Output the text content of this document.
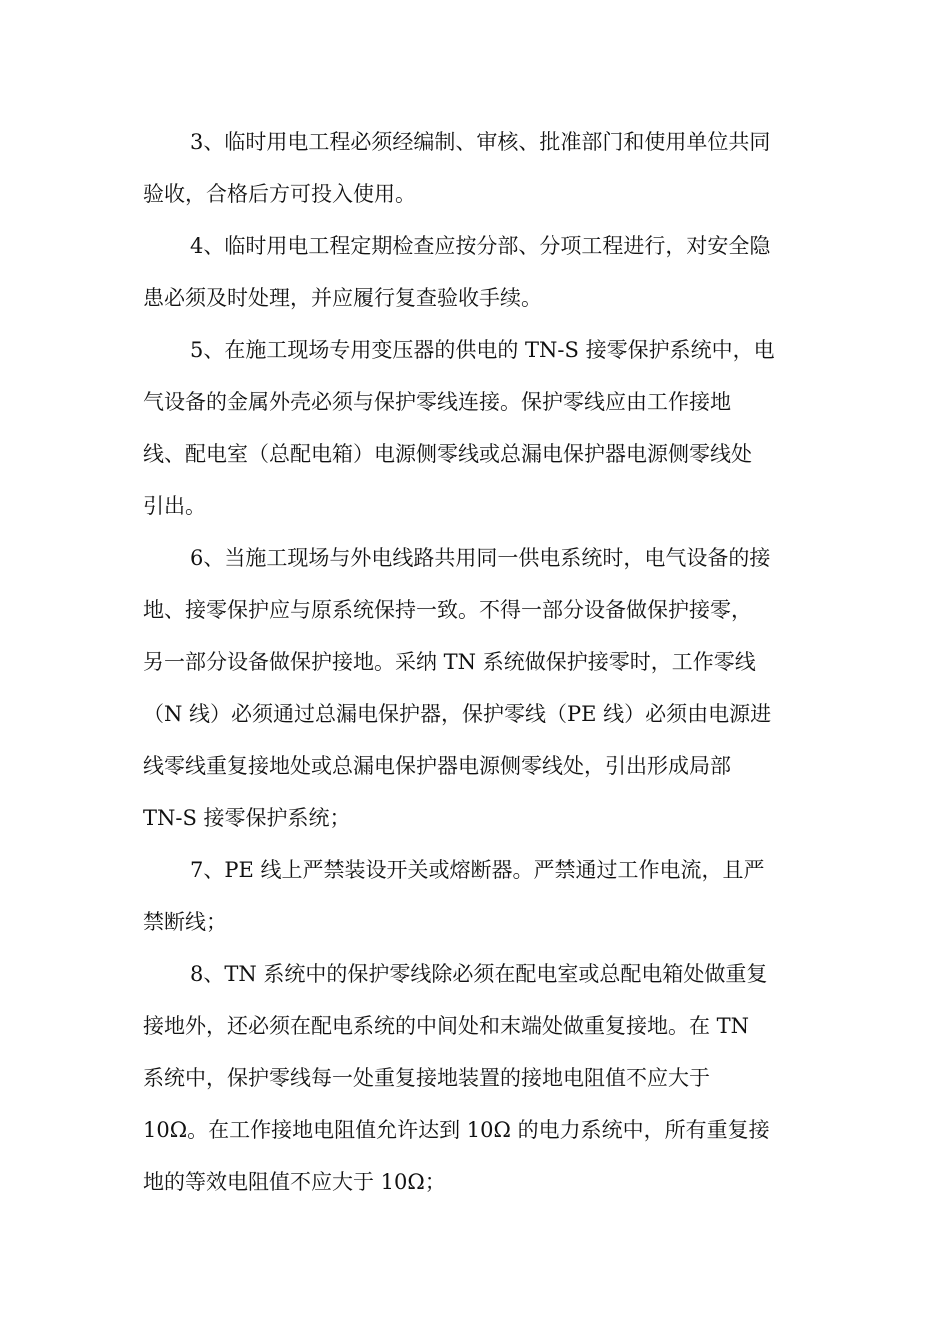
3、临时用电工程必须经编制、审核、批准部门和使用单位共同
验收，合格后方可投入使用。
4、临时用电工程定期检查应按分部、分项工程进行，对安全隐
患必须及时处理，并应履行复查验收手续。
5、在施工现场专用变压器的供电的 TN-S 接零保护系统中，电
气设备的金属外壳必须与保护零线连接。保护零线应由工作接地
线、配电室（总配电箱）电源侧零线或总漏电保护器电源侧零线处
引出。
6、当施工现场与外电线路共用同一供电系统时，电气设备的接
地、接零保护应与原系统保持一致。不得一部分设备做保护接零，
另一部分设备做保护接地。采纳 TN 系统做保护接零时，工作零线
（N 线）必须通过总漏电保护器，保护零线（PE 线）必须由电源进
线零线重复接地处或总漏电保护器电源侧零线处，引出形成局部
TN-S 接零保护系统；
7、PE 线上严禁装设开关或熔断器。严禁通过工作电流，且严
禁断线；
8、TN 系统中的保护零线除必须在配电室或总配电箱处做重复
接地外，还必须在配电系统的中间处和末端处做重复接地。在 TN
系统中，保护零线每一处重复接地装置的接地电阻值不应大于
10Ω。在工作接地电阻值允许达到 10Ω 的电力系统中，所有重复接
地的等效电阻值不应大于 10Ω；
